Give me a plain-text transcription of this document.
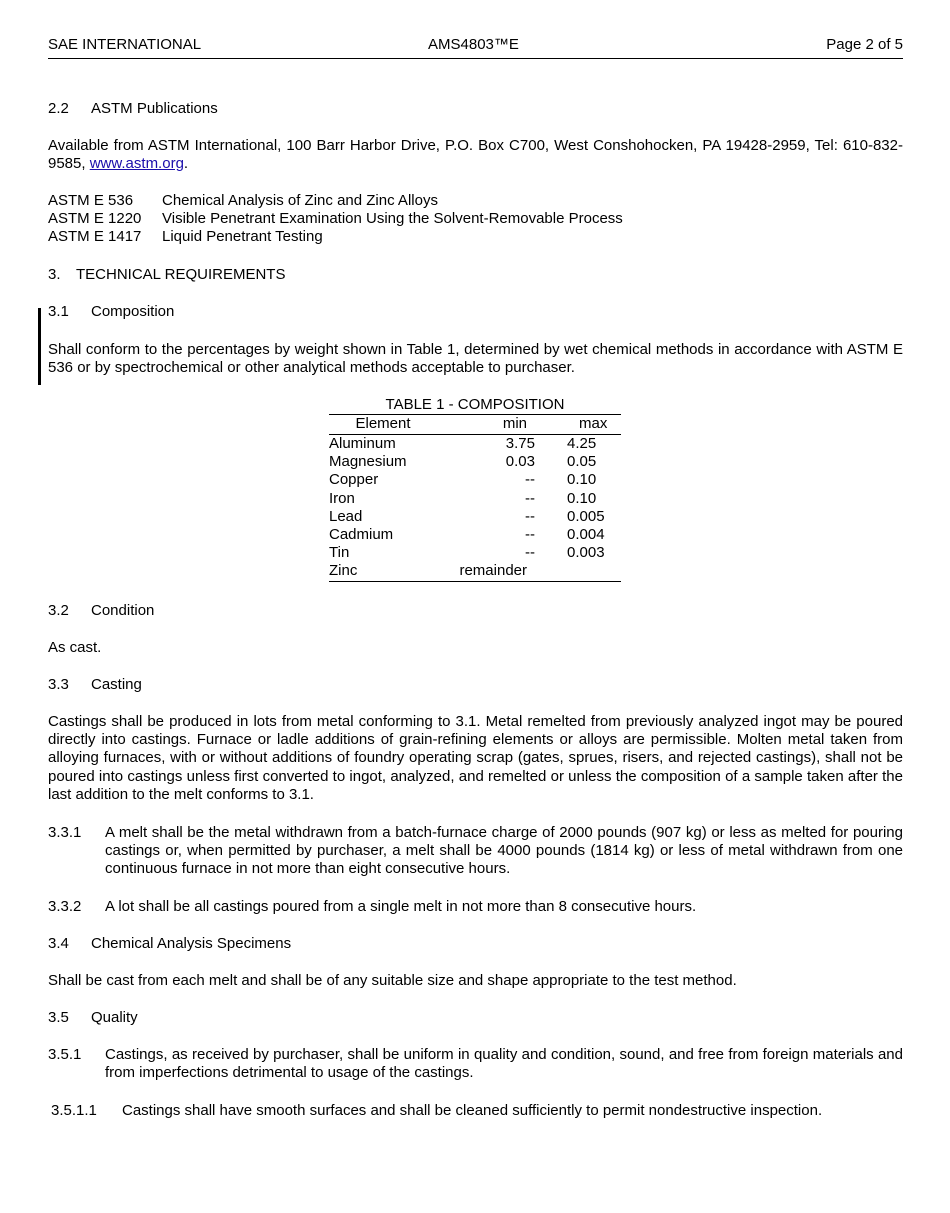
SAE INTERNATIONAL	AMS4803™E	Page 2 of 5
2.2 ASTM Publications
Available from ASTM International, 100 Barr Harbor Drive, P.O. Box C700, West Conshohocken, PA 19428-2959, Tel: 610-832-9585, www.astm.org.
ASTM E 536	Chemical Analysis of Zinc and Zinc Alloys
ASTM E 1220	Visible Penetrant Examination Using the Solvent-Removable Process
ASTM E 1417	Liquid Penetrant Testing
3. TECHNICAL REQUIREMENTS
3.1 Composition
Shall conform to the percentages by weight shown in Table 1, determined by wet chemical methods in accordance with ASTM E 536 or by spectrochemical or other analytical methods acceptable to purchaser.
TABLE 1 - COMPOSITION
Element	min	max
Aluminum	3.75	4.25
Magnesium	0.03	0.05
Copper	--	0.10
Iron	--	0.10
Lead	--	0.005
Cadmium	--	0.004
Tin	--	0.003
Zinc	remainder
3.2 Condition
As cast.
3.3 Casting
Castings shall be produced in lots from metal conforming to 3.1. Metal remelted from previously analyzed ingot may be poured directly into castings. Furnace or ladle additions of grain-refining elements or alloys are permissible. Molten metal taken from alloying furnaces, with or without additions of foundry operating scrap (gates, sprues, risers, and rejected castings), shall not be poured into castings unless first converted to ingot, analyzed, and remelted or unless the composition of a sample taken after the last addition to the melt conforms to 3.1.
3.3.1	A melt shall be the metal withdrawn from a batch-furnace charge of 2000 pounds (907 kg) or less as melted for pouring castings or, when permitted by purchaser, a melt shall be 4000 pounds (1814 kg) or less of metal withdrawn from one continuous furnace in not more than eight consecutive hours.
3.3.2	A lot shall be all castings poured from a single melt in not more than 8 consecutive hours.
3.4 Chemical Analysis Specimens
Shall be cast from each melt and shall be of any suitable size and shape appropriate to the test method.
3.5 Quality
3.5.1	Castings, as received by purchaser, shall be uniform in quality and condition, sound, and free from foreign materials and from imperfections detrimental to usage of the castings.
3.5.1.1	Castings shall have smooth surfaces and shall be cleaned sufficiently to permit nondestructive inspection.
